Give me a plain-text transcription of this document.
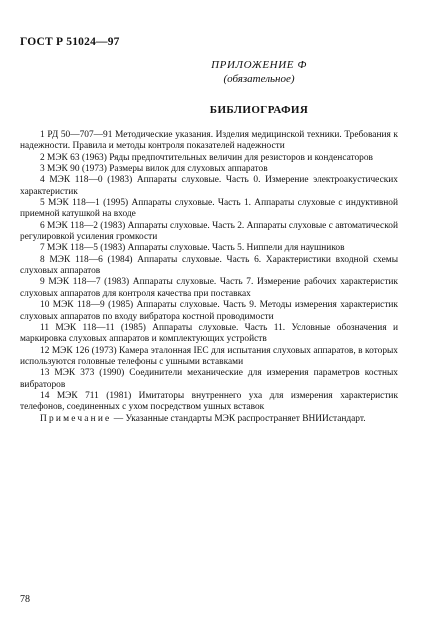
ГОСТ Р 51024—97
ПРИЛОЖЕНИЕ Ф
(обязательное)
БИБЛИОГРАФИЯ

1 РД 50—707—91 Методические указания. Изделия медицинской техники. Требования к надежности. Правила и методы контроля показателей надежности

2 МЭК 63 (1963) Ряды предпочтительных величин для резисторов и конденсаторов

3 МЭК 90 (1973) Размеры вилок для слуховых аппаратов

4 МЭК 118—0 (1983) Аппараты слуховые. Часть 0. Измерение электроакустических характеристик

5 МЭК 118—1 (1995) Аппараты слуховые. Часть 1. Аппараты слуховые с индуктивной приемной катушкой на входе

6 МЭК 118—2 (1983) Аппараты слуховые. Часть 2. Аппараты слуховые с автоматической регулировкой усиления громкости

7 МЭК 118—5 (1983) Аппараты слуховые. Часть 5. Ниппели для наушников

8 МЭК 118—6 (1984) Аппараты слуховые. Часть 6. Характеристики входной схемы слуховых аппаратов

9 МЭК 118—7 (1983) Аппараты слуховые. Часть 7. Измерение рабочих характеристик слуховых аппаратов для контроля качества при поставках

10 МЭК 118—9 (1985) Аппараты слуховые. Часть 9. Методы измерения характеристик слуховых аппаратов по входу вибратора костной проводимости

11 МЭК 118—11 (1985) Аппараты слуховые. Часть 11. Условные обозначения и маркировка слуховых аппаратов и комплектующих устройств

12 МЭК 126 (1973) Камера эталонная IEC для испытания слуховых аппаратов, в которых используются головные телефоны с ушными вставками

13 МЭК 373 (1990) Соединители механические для измерения параметров костных вибраторов

14 МЭК 711 (1981) Имитаторы внутреннего уха для измерения характеристик телефонов, соединенных с ухом посредством ушных вставок

Примечание — Указанные стандарты МЭК распространяет ВНИИстандарт.

78
